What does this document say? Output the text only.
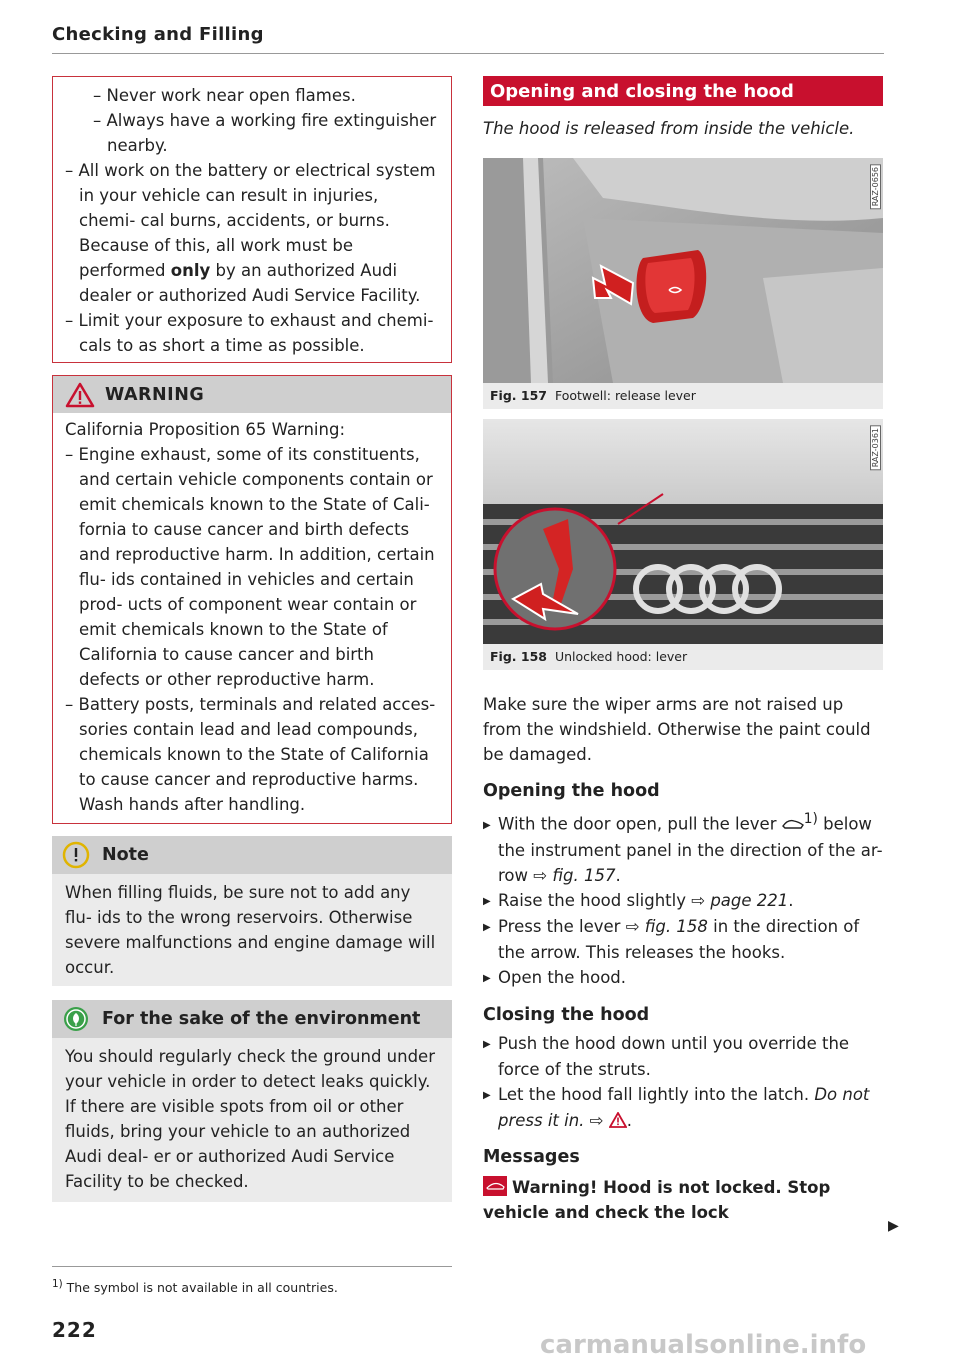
Checking and Filling
– Never work near open flames.
– Always have a working fire extinguisher nearby.
– All work on the battery or electrical system in your vehicle can result in injuries, chemi- cal burns, accidents, or burns. Because of this, all work must be performed only by an authorized Audi dealer or authorized Audi Service Facility.
– Limit your exposure to exhaust and chemi- cals to as short a time as possible.
WARNING
California Proposition 65 Warning:
– Engine exhaust, some of its constituents, and certain vehicle components contain or emit chemicals known to the State of Cali- fornia to cause cancer and birth defects and reproductive harm. In addition, certain flu- ids contained in vehicles and certain prod- ucts of component wear contain or emit chemicals known to the State of California to cause cancer and birth defects or other reproductive harm.
– Battery posts, terminals and related acces- sories contain lead and lead compounds, chemicals known to the State of California to cause cancer and reproductive harms. Wash hands after handling.
Note
When filling fluids, be sure not to add any flu- ids to the wrong reservoirs. Otherwise severe malfunctions and engine damage will occur.
For the sake of the environment
You should regularly check the ground under your vehicle in order to detect leaks quickly. If there are visible spots from oil or other fluids, bring your vehicle to an authorized Audi deal- er or authorized Audi Service Facility to be checked.
Opening and closing the hood
The hood is released from inside the vehicle.
RAZ-0656
Fig. 157 Footwell: release lever
RAZ-0361
Fig. 158 Unlocked hood: lever
Make sure the wiper arms are not raised up from the windshield. Otherwise the paint could be damaged.
Opening the hood
▶ With the door open, pull the lever $^{1)}$ below the instrument panel in the direction of the ar- row ⇨ fig. 157.
▶ Raise the hood slightly ⇨ page 221.
▶ Press the lever ⇨ fig. 158 in the direction of the arrow. This releases the hooks.
▶ Open the hood.
Closing the hood
▶ Push the hood down until you override the force of the struts.
▶ Let the hood fall lightly into the latch. Do not press it in. ⇨ .
Messages
Warning! Hood is not locked. Stop vehicle and check the lock
▶
$^{1)}$ The symbol is not available in all countries.
222	carmanualsonline.info
